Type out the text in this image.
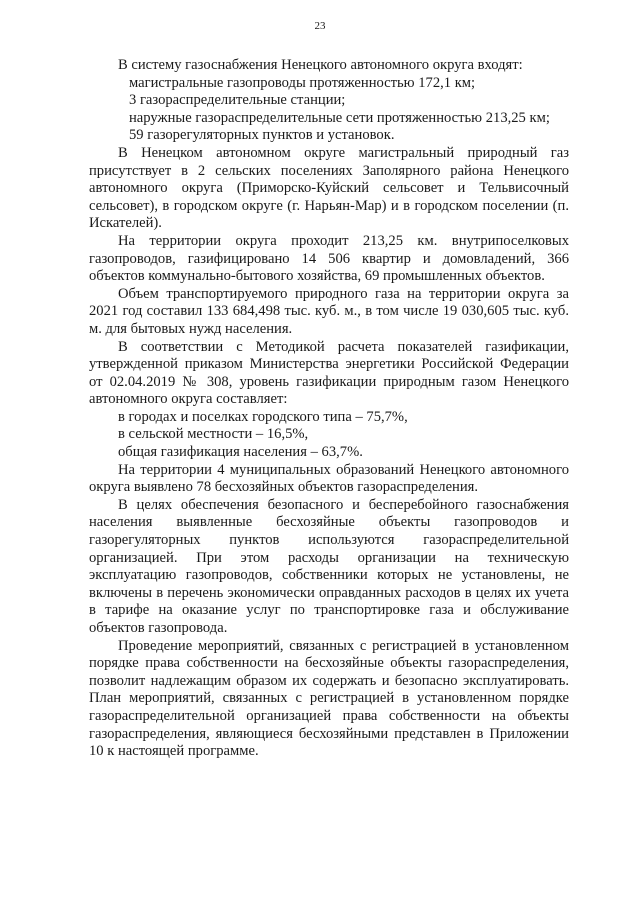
23

В систему газоснабжения Ненецкого автономного округа входят:

магистральные газопроводы протяженностью 172,1 км;

3 газораспределительные станции;

наружные газораспределительные сети протяженностью 213,25 км;

59 газорегуляторных пунктов и установок.

В Ненецком автономном округе магистральный природный газ присутствует в 2 сельских поселениях Заполярного района Ненецкого автономного округа (Приморско-Куйский сельсовет и Тельвисочный сельсовет), в городском округе (г. Нарьян-Мар) и в городском поселении (п. Искателей).

На территории округа проходит 213,25 км. внутрипоселковых газопроводов, газифицировано 14 506 квартир и домовладений, 366 объектов коммунально-бытового хозяйства, 69 промышленных объектов.

Объем транспортируемого природного газа на территории округа за 2021 год составил 133 684,498 тыс. куб. м., в том числе 19 030,605 тыс. куб. м. для бытовых нужд населения.

В соответствии с Методикой расчета показателей газификации, утвержденной приказом Министерства энергетики Российской Федерации от 02.04.2019 № 308, уровень газификации природным газом Ненецкого автономного округа составляет:

в городах и поселках городского типа – 75,7%,

в сельской местности – 16,5%,

общая газификация населения – 63,7%.

На территории 4 муниципальных образований Ненецкого автономного округа выявлено 78 бесхозяйных объектов газораспределения.

В целях обеспечения безопасного и бесперебойного газоснабжения населения выявленные бесхозяйные объекты газопроводов и газорегуляторных пунктов используются газораспределительной организацией. При этом расходы организации на техническую эксплуатацию газопроводов, собственники которых не установлены, не включены в перечень экономически оправданных расходов в целях их учета в тарифе на оказание услуг по транспортировке газа и обслуживание объектов газопровода.

Проведение мероприятий, связанных с регистрацией в установленном порядке права собственности на бесхозяйные объекты газораспределения, позволит надлежащим образом их содержать и безопасно эксплуатировать. План мероприятий, связанных с регистрацией в установленном порядке газораспределительной организацией права собственности на объекты газораспределения, являющиеся бесхозяйными представлен в Приложении 10 к настоящей программе.
